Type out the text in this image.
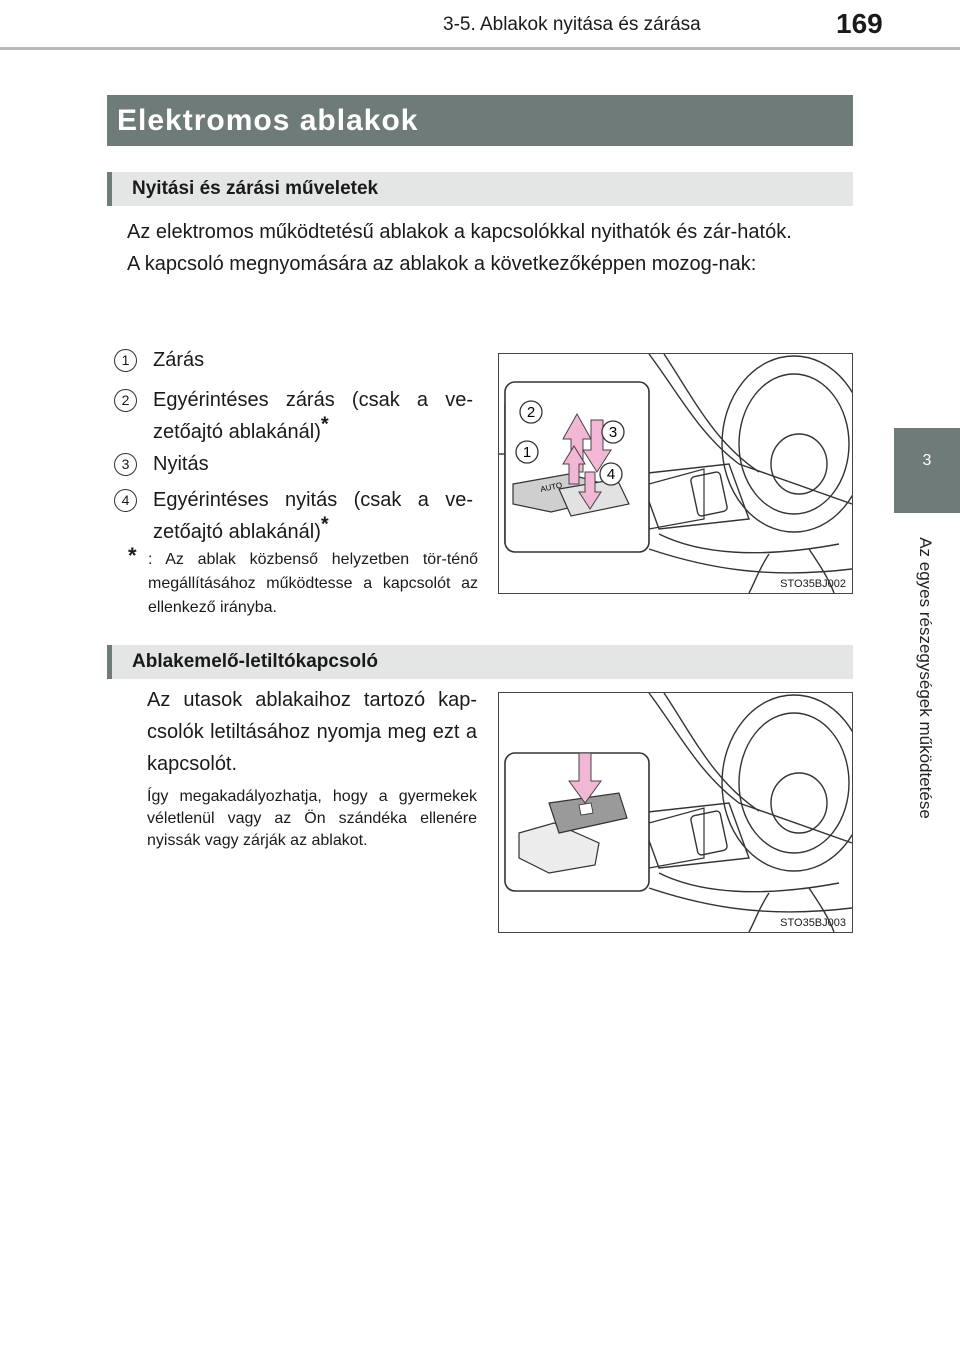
3-5. Ablakok nyitása és zárása	169
3
Az egyes részegységek működtetése
Elektromos ablakok
Nyitási és zárási műveletek

Az elektromos működtetésű ablakok a kapcsolókkal nyithatók és zár-hatók.

A kapcsoló megnyomására az ablakok a következőképpen mozog-nak:

1	Zárás
2	Egyérintéses zárás (csak a ve-zetőajtó ablakánál)*
3	Nyitás
4	Egyérintéses nyitás (csak a ve-zetőajtó ablakánál)*
* : Az ablak közbenső helyzetben tör-ténő megállításához működtesse a kapcsolót az ellenkező irányba.
AUTO
2
1
3
4
STO35BJ002
Ablakemelő-letiltókapcsoló
Az utasok ablakaihoz tartozó kap-csolók letiltásához nyomja meg ezt a kapcsolót.
Így megakadályozhatja, hogy a gyermekek véletlenül vagy az Ön szándéka ellenére nyissák vagy zárják az ablakot.
STO35BJ003
